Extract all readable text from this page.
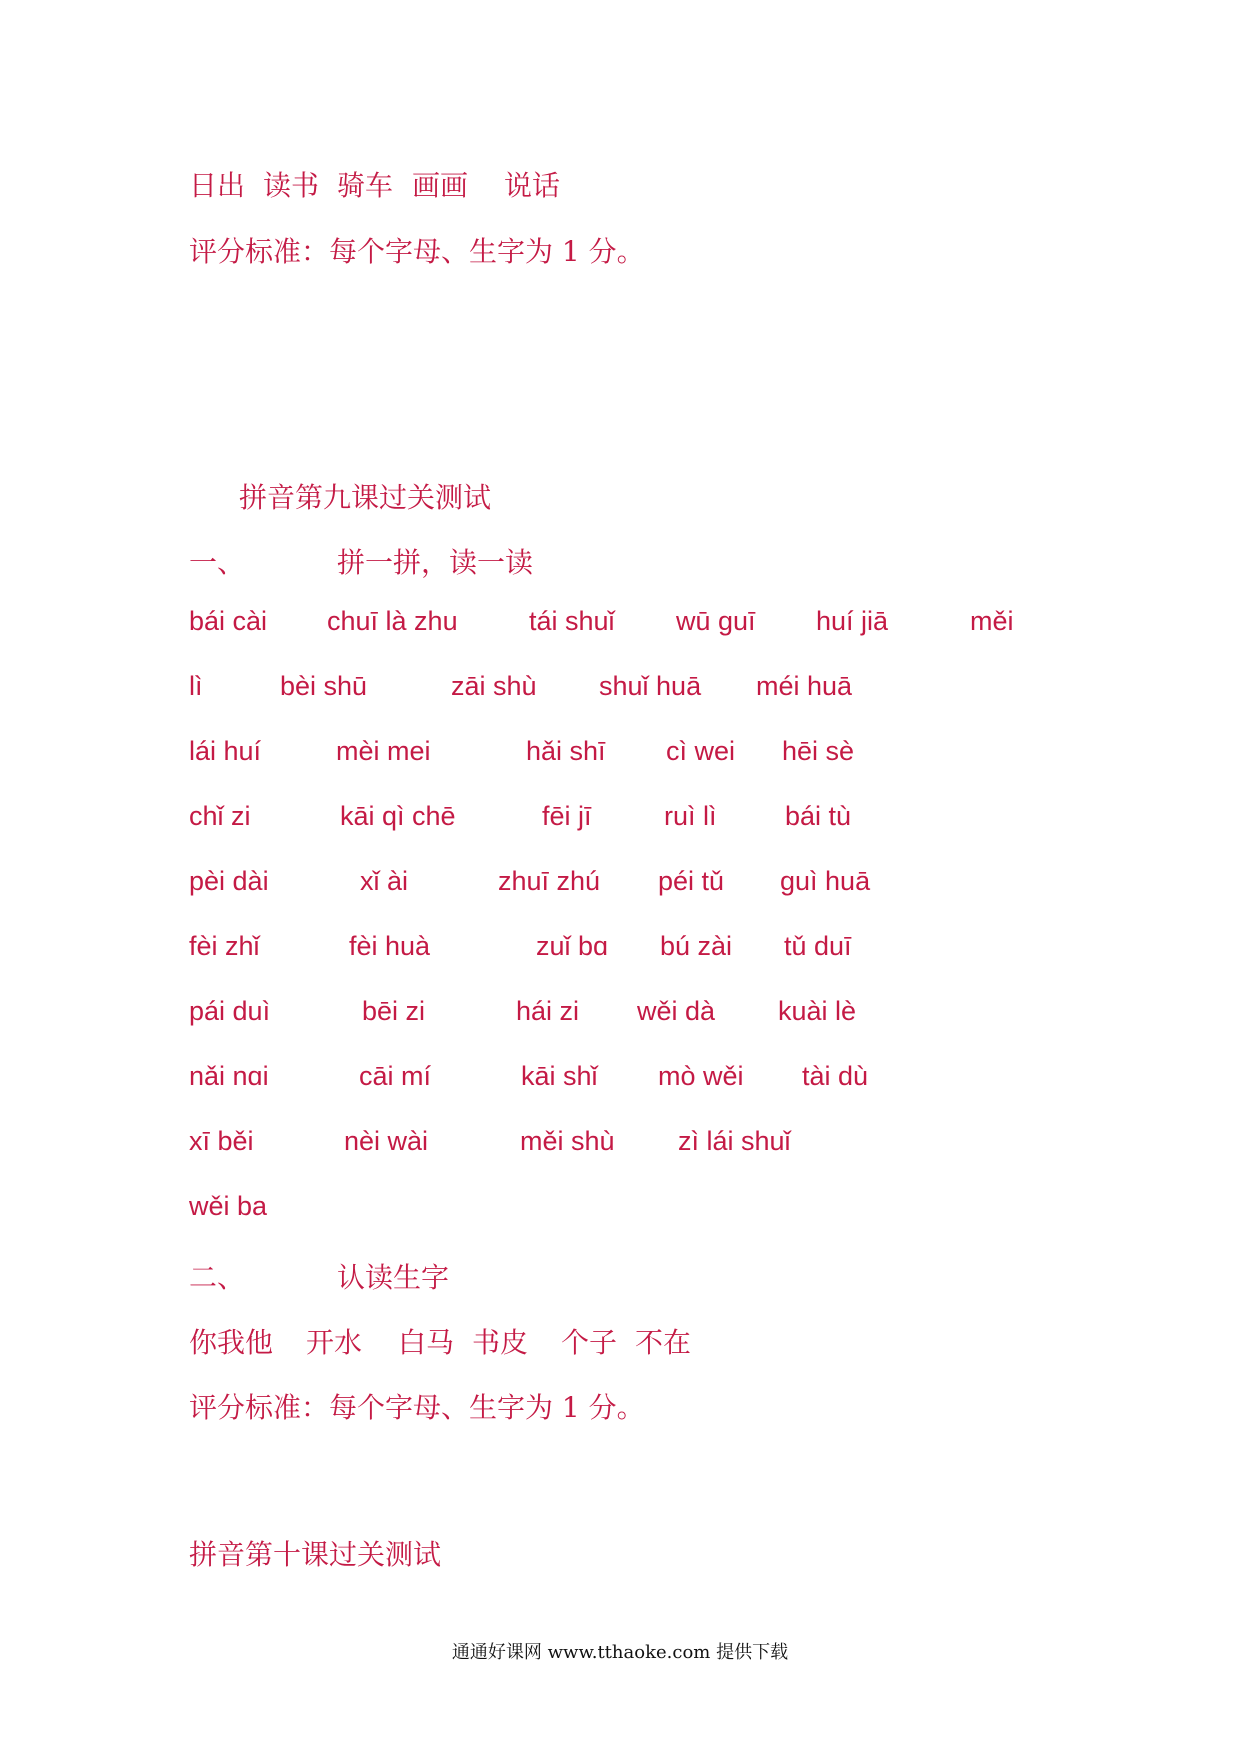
日出 读书 骑车 画画 说话
评分标准：每个字母、生字为 1 分。
拼音第九课过关测试
一、	拼一拼，读一读
bái cài chuī là zhu	tái shuǐ wū ɡuī huí jiā	měi
lì	bèi shū	zāi shù shuǐ huā méi huā
lái huí	mèi mei	hǎi shī cì wei hēi sè
chǐ zi	kāi qì chē	fēi jī	ruì lì	bái tù
pèi dài	xǐ ài	zhuī zhú péi tǔ ɡuì huā
fèi zhǐ	fèi huà	zuǐ bɑ bú zài tǔ duī
pái duì	bēi zi	hái zi wěi dà kuài lè
nǎi nɑi	cāi mí	kāi shǐ mò wěi tài dù
xī běi	nèi wài	měi shù zì lái shuǐ
wěi ba
二、	认读生字
你我他 开水 白马 书皮 个子 不在
评分标准：每个字母、生字为 1 分。
拼音第十课过关测试
通通好课网 www.tthaoke.com 提供下载
